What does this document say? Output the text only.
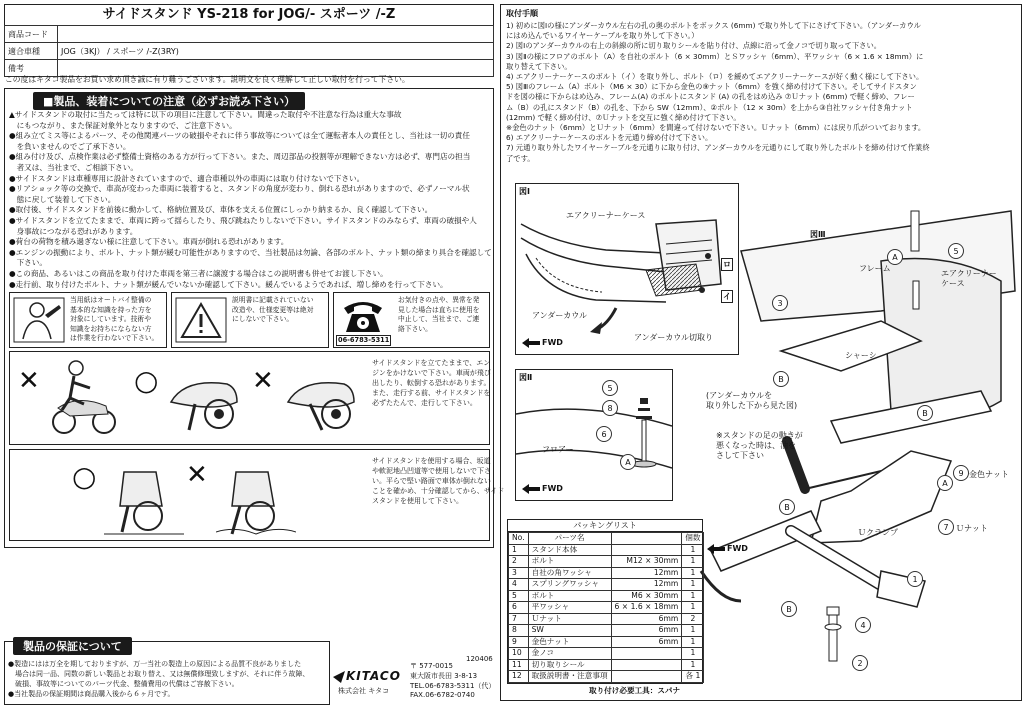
サイドスタンド YS-218 for JOG/- スポーツ /-Z
商品コード	
適合車種	JOG（3KJ） / スポーツ /-Z(3RY)
備考	
この度はキタコ製品をお買い求め頂き誠に有り難うございます。説明文を良く理解して正しい取付を行って下さい。
■製品、装着についての注意（必ずお読み下さい）
▲サイドスタンドの取付に当たっては特に以下の項目に注意して下さい。間違った取付や不注意な行為は重大な事故
　にもつながり、また保証対象外となりますので、ご注意下さい。
●組み立てミス等によるパーツ、その他関連パーツの破損やそれに伴う事故等については全て運転者本人の責任とし、当社は一切の責任
　を負いませんのでご了承下さい。
●組み付け及び、点検作業は必ず整備士資格のある方が行って下さい。また、周辺部品の投割等が理解できない方は必ず、専門店の担当
　者又は、当社まで、ご相談下さい。
●サイドスタンドは車種専用に設計されていますので、適合車種以外の車両には取り付けないで下さい。
●リアショック等の交換で、車高が変わった車両に装着すると、スタンドの角度が変わり、倒れる恐れがありますので、必ずノーマル状
　態に戻して装着して下さい。
●取付後、サイドスタンドを前後に動かして、格納位置及び、車体を支える位置にしっかり納まるか、良く確認して下さい。
●サイドスタンドを立てたままで、車両に跨って揺らしたり、飛び跳ねたりしないで下さい。サイドスタンドのみならず、車両の破損や人
　身事故につながる恐れがあります。
●荷台の荷物を積み過ぎない様に注意して下さい。車両が倒れる恐れがあります。
●エンジンの振動により、ボルト、ナット類が緩む可能性がありますので、当社製品は勿論、各部のボルト、ナット類の締まり具合を確認して
　下さい。
●この商品、あるいはこの商品を取り付けた車両を第三者に譲渡する場合はこの説明書も併せてお渡し下さい。
●走行前、取り付けたボルト、ナット類が緩んでいないか確認して下さい。緩んでいるようであれば、増し締めを行って下さい。
当用紙はオートバイ整備の
基本的な知識を持った方を
対象にしています。技術や
知識をお持ちにならない方
は作業を行わないで下さい。
説明書に記載されていない
改造や、仕様変更等は絶対
にしないで下さい。
06-6783-5311
お気付きの点や、異常を発
見した場合は直ちに使用を
中止して、当社まで、ご連
絡下さい。
✕	○	✕
サイドスタンドを立てたままで、エン
ジンをかけないで下さい。車両が飛び
出したり、転倒する恐れがあります。
また、走行する前、サイドスタンドを
必ずたたんで、走行して下さい。
○	✕	サイドスタンドを使用する場合、坂道
や軟泥地凸凹道等で使用しないで下さ
い。平らで堅い路面で車体が倒れない
ことを確かめ、十分確認してから、サイド
スタンドを使用して下さい。
製品の保証について
●製造にはは万全を期しておりますが、万一当社の製造上の原因による品質不良がありました
　場合は同一品、同数の新しい製品とお取り替え、又は無償修理致しますが、それに伴う故障、
　破損、事故等についてのパーツ代金、整備費用の代償はご容赦下さい。
●当社製品の保証期間は商品購入後から６ヶ月です。
120406
KITACO
株式会社 キタコ
〒 577-0015
東大阪市長田 3-8-13
TEL.06-6783-5311（代）
FAX.06-6782-0740
取付手順
1) 初めに図Ⅰの様にアンダーカウル左右の孔の奥のボルトをボックス (6mm) で取り外して下にさげて下さい。（アンダーカウル
にはめ込んでいるワイヤーケーブルを取り外して下さい。）
2) 図Ⅰのアンダーカウルの右上の斜線の所に切り取りシールを貼り付け、点線に沿って金ノコで切り取って下さい。
3) 図Ⅱの様にフロアのボルト（A）を自社のボルト（6 × 30mm）とＳワッシャ（6mm）、平ワッシャ（6 × 1.6 × 18mm）に
取り替えて下さい。
4) エアクリーナーケースのボルト（イ）を取り外し、ボルト（ロ）を緩めてエアクリーナーケースが好く動く様にして下さい。
5) 図Ⅲのフレーム（A）ボルト（M6 × 30）に下から金色の⑨ナット（6mm）を強く締め付けて下さい。そしてサイドスタン
ドを図の様に下からはめ込み、フレーム(A) のボルトにスタンド (A) の孔をはめ込み ⑦Ｕナット (6mm) で軽く締め、フレー
ム（B）の孔にスタンド（B）の孔を、下から SW（12mm）、②ボルト（12 × 30m）を上から③自社ワッシャ付き角ナット
(12mm) で軽く締め付け、⑦Ｕナットを交互に強く締め付けて下さい。
※金色のナット（6mm）とＵナット（6mm）を間違って付けないで下さい。Ｕナット（6mm）には戻り爪がついております。
6) エアクリーナーケースのボルトを元通り締め付けて下さい。
7) 元通り取り外したワイヤーケーブルを元通りに取り付け、アンダーカウルを元通りにして取り外したボルトを締め付けて作業終
了です。
図Ⅰ
エアクリーナーケース
アンダーカウル
アンダーカウル切取り
ロ
イ
FWD
図Ⅱ
5
8
6
A
フロアー
FWD
図Ⅲ
フレーム
エアクリーナー
ケース
シャーシ
(アンダーカウルを
取り外した下から見た図)
※スタンドの足の動きが
悪くなった時は、油を
さして下さい
金色ナット
Ｕナット
Ｕクランプ
FWD
A
5
3
B
B
9
A
B
7
1
B
4
2
パッキングリスト
No.	パーツ名		個数
1	スタンド本体		1
2	ボルト	M12 × 30mm	1
3	自社の角ワッシャ	12mm	1
4	スプリングワッシャ	12mm	1
5	ボルト	M6 × 30mm	1
6	平ワッシャ	6 × 1.6 × 18mm	1
7	Ｕナット	6mm	2
8	SW	6mm	1
9	金色ナット	6mm	1
10	金ノコ		1
11	切り取りシール		1
12	取扱説明書・注意事項		各 1
取り付け必要工具：スパナ
